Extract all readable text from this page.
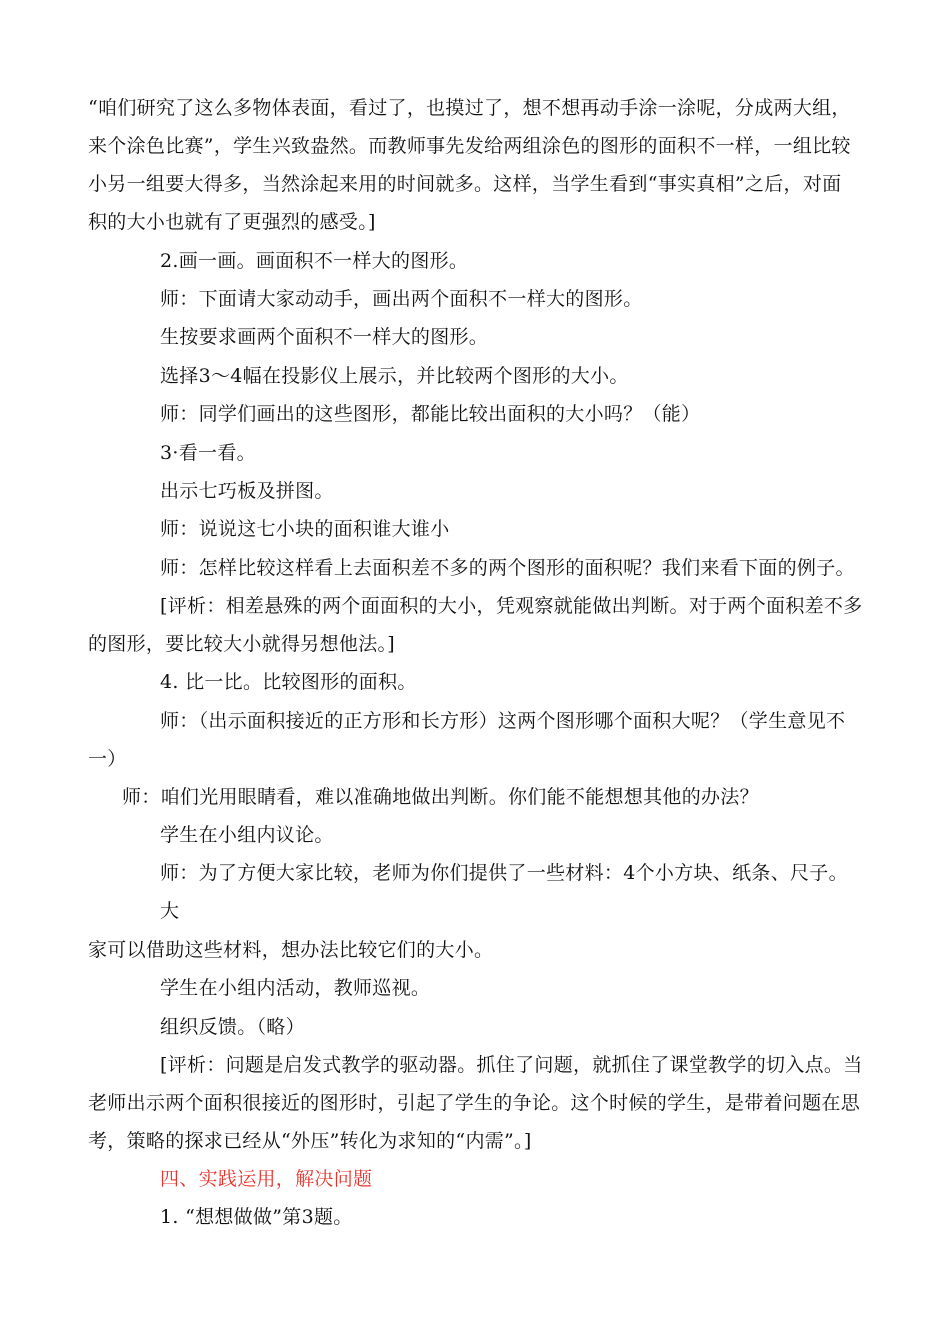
“咱们研究了这么多物体表面，看过了，也摸过了，想不想再动手涂一涂呢，分成两大组，
来个涂色比赛”，学生兴致盎然。而教师事先发给两组涂色的图形的面积不一样，一组比较
小另一组要大得多，当然涂起来用的时间就多。这样，当学生看到“事实真相”之后，对面
积的大小也就有了更强烈的感受。]
2.画一画。画面积不一样大的图形。
师：下面请大家动动手，画出两个面积不一样大的图形。
生按要求画两个面积不一样大的图形。
选择3〜4幅在投影仪上展示，并比较两个图形的大小。
师：同学们画出的这些图形，都能比较出面积的大小吗？（能）
3·看一看。
出示七巧板及拼图。
师：说说这七小块的面积谁大谁小
师：怎样比较这样看上去面积差不多的两个图形的面积呢？我们来看下面的例子。
[评析：相差悬殊的两个面面积的大小，凭观察就能做出判断。对于两个面积差不多
的图形，要比较大小就得另想他法。]
4. 比一比。比较图形的面积。
师：（出示面积接近的正方形和长方形）这两个图形哪个面积大呢？（学生意见不
一）
师：咱们光用眼睛看，难以准确地做出判断。你们能不能想想其他的办法？
学生在小组内议论。
师：为了方便大家比较，老师为你们提供了一些材料：4个小方块、纸条、尺子。
大
家可以借助这些材料，想办法比较它们的大小。
学生在小组内活动，教师巡视。
组织反馈。（略）
[评析：问题是启发式教学的驱动器。抓住了问题，就抓住了课堂教学的切入点。当
老师出示两个面积很接近的图形时，引起了学生的争论。这个时候的学生，是带着问题在思
考，策略的探求已经从“外压”转化为求知的“内需”。]
四、实践运用，解决问题
1. “想想做做”第3题。
